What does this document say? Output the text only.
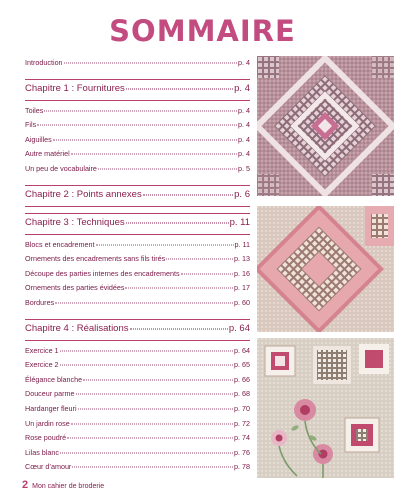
SOMMAIRE
Introduction	p. 4
Chapitre 1 : Fournitures	p. 4
Toiles	p. 4
Fils	p. 4
Aiguilles	p. 4
Autre matériel	p. 4
Un peu de vocabulaire	p. 5
Chapitre 2 : Points annexes	p. 6
Chapitre 3 : Techniques	p. 11
Blocs et encadrement	p. 11
Ornements des encadrements sans fils tirés	p. 13
Découpe des parties internes des encadrements	p. 16
Ornements des parties évidées	p. 17
Bordures	p. 60
Chapitre 4 : Réalisations	p. 64
Exercice 1	p. 64
Exercice 2	p. 65
Élégance blanche	p. 66
Douceur parme	p. 68
Hardanger fleuri	p. 70
Un jardin rose	p. 72
Rose poudré	p. 74
Lilas blanc	p. 76
Cœur d’amour	p. 78
2 Mon cahier de broderie
